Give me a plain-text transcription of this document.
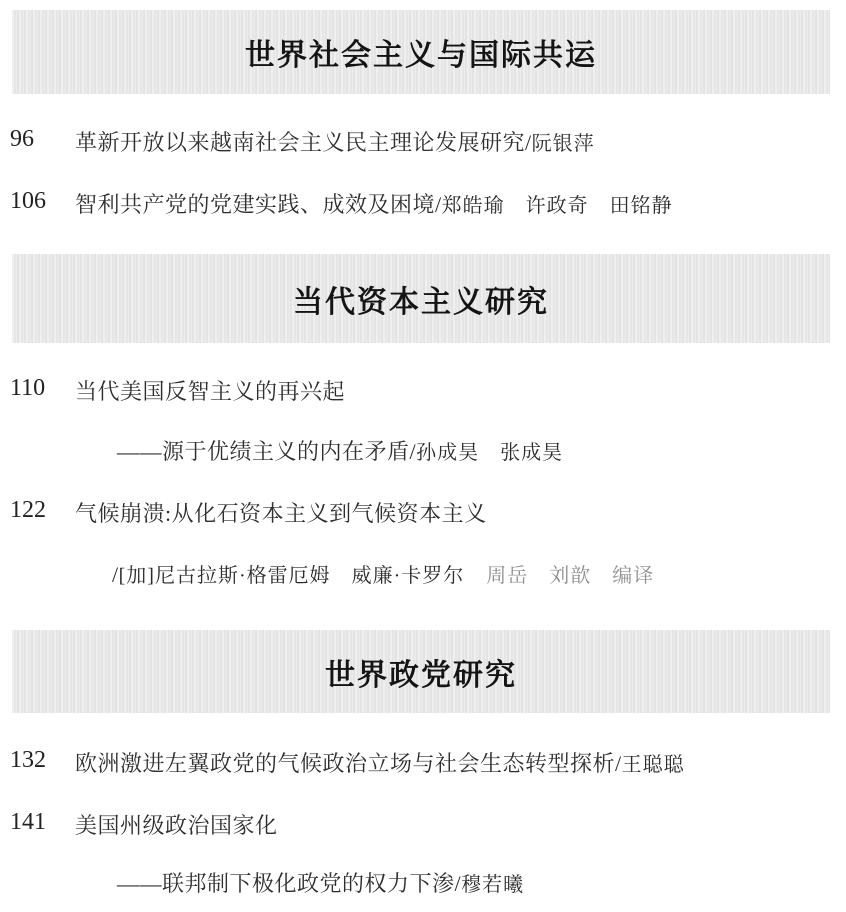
世界社会主义与国际共运
96 革新开放以来越南社会主义民主理论发展研究/阮银萍
106 智利共产党的党建实践、成效及困境/郑皓瑜　许政奇　田铭静
当代资本主义研究
110 当代美国反智主义的再兴起
——源于优绩主义的内在矛盾/孙成昊　张成昊
122 气候崩溃:从化石资本主义到气候资本主义
/[加]尼古拉斯·格雷厄姆　威廉·卡罗尔 周岳　刘歆　编译
世界政党研究
132 欧洲激进左翼政党的气候政治立场与社会生态转型探析/王聪聪
141 美国州级政治国家化
——联邦制下极化政党的权力下渗/穆若曦
